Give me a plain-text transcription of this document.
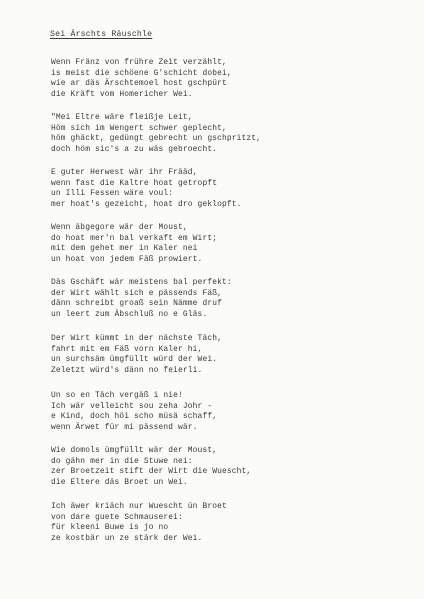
Sei Ärschts Räuschle
Wenn Fränz von frühre Zeit verzählt,
is meist die schöene G'schicht dobei,
wie ar däs Ärschtemoel host gschpürt
die Kräft vom Homericher Wei.
"Mei Eltre wäre fleißje Leit,
Höm sich im Wengert schwer geplecht,
höm ghäckt, gedüngt gebrecht un gschpritzt,
doch höm sic's a zu wäs gebroecht.
E guter Herwest wär ihr Frääd,
wenn fast die Kaltre hoat getropft
un Illi Fessen wäre voul:
mer hoat's gezeicht, hoat dro geklopft.
Wenn äbgegore wär der Moust,
do hoat mer'n bal verkaft em Wirt;
mit dem gehet mer in Kaler nei
un hoat von jedem Fäß prowiert.
Däs Gschäft wär meistens bal perfekt:
der Wirt wählt sich e pässends Fäß,
dänn schreibt groaß sein Nämme druf
un leert zum Äbschluß no e Gläs.
Der Wirt kümmt in der nächste Täch,
fahrt mit em Fäß vorn Kaler hi,
un surchsäm ümgfüllt würd der Wei.
Zeletzt würd's dänn no feierli.
Un so en Täch vergäß i nie!
Ich wär velleicht sou zeha Johr -
e Kind, doch höi scho müsä schaff,
wenn Ärwet für mi pässend wär.
Wie domols ümgfüllt wär der Moust,
do gähn mer in die Stuwe nei:
zer Broetzeit stift der Wirt die Wuescht,
die Eltere däs Broet un Wei.
Ich äwer kriäch nur Wuescht ün Broet
von dare guete Schmauserei:
für kleeni Buwe is jo no
ze kostbär un ze stärk der Wei.
